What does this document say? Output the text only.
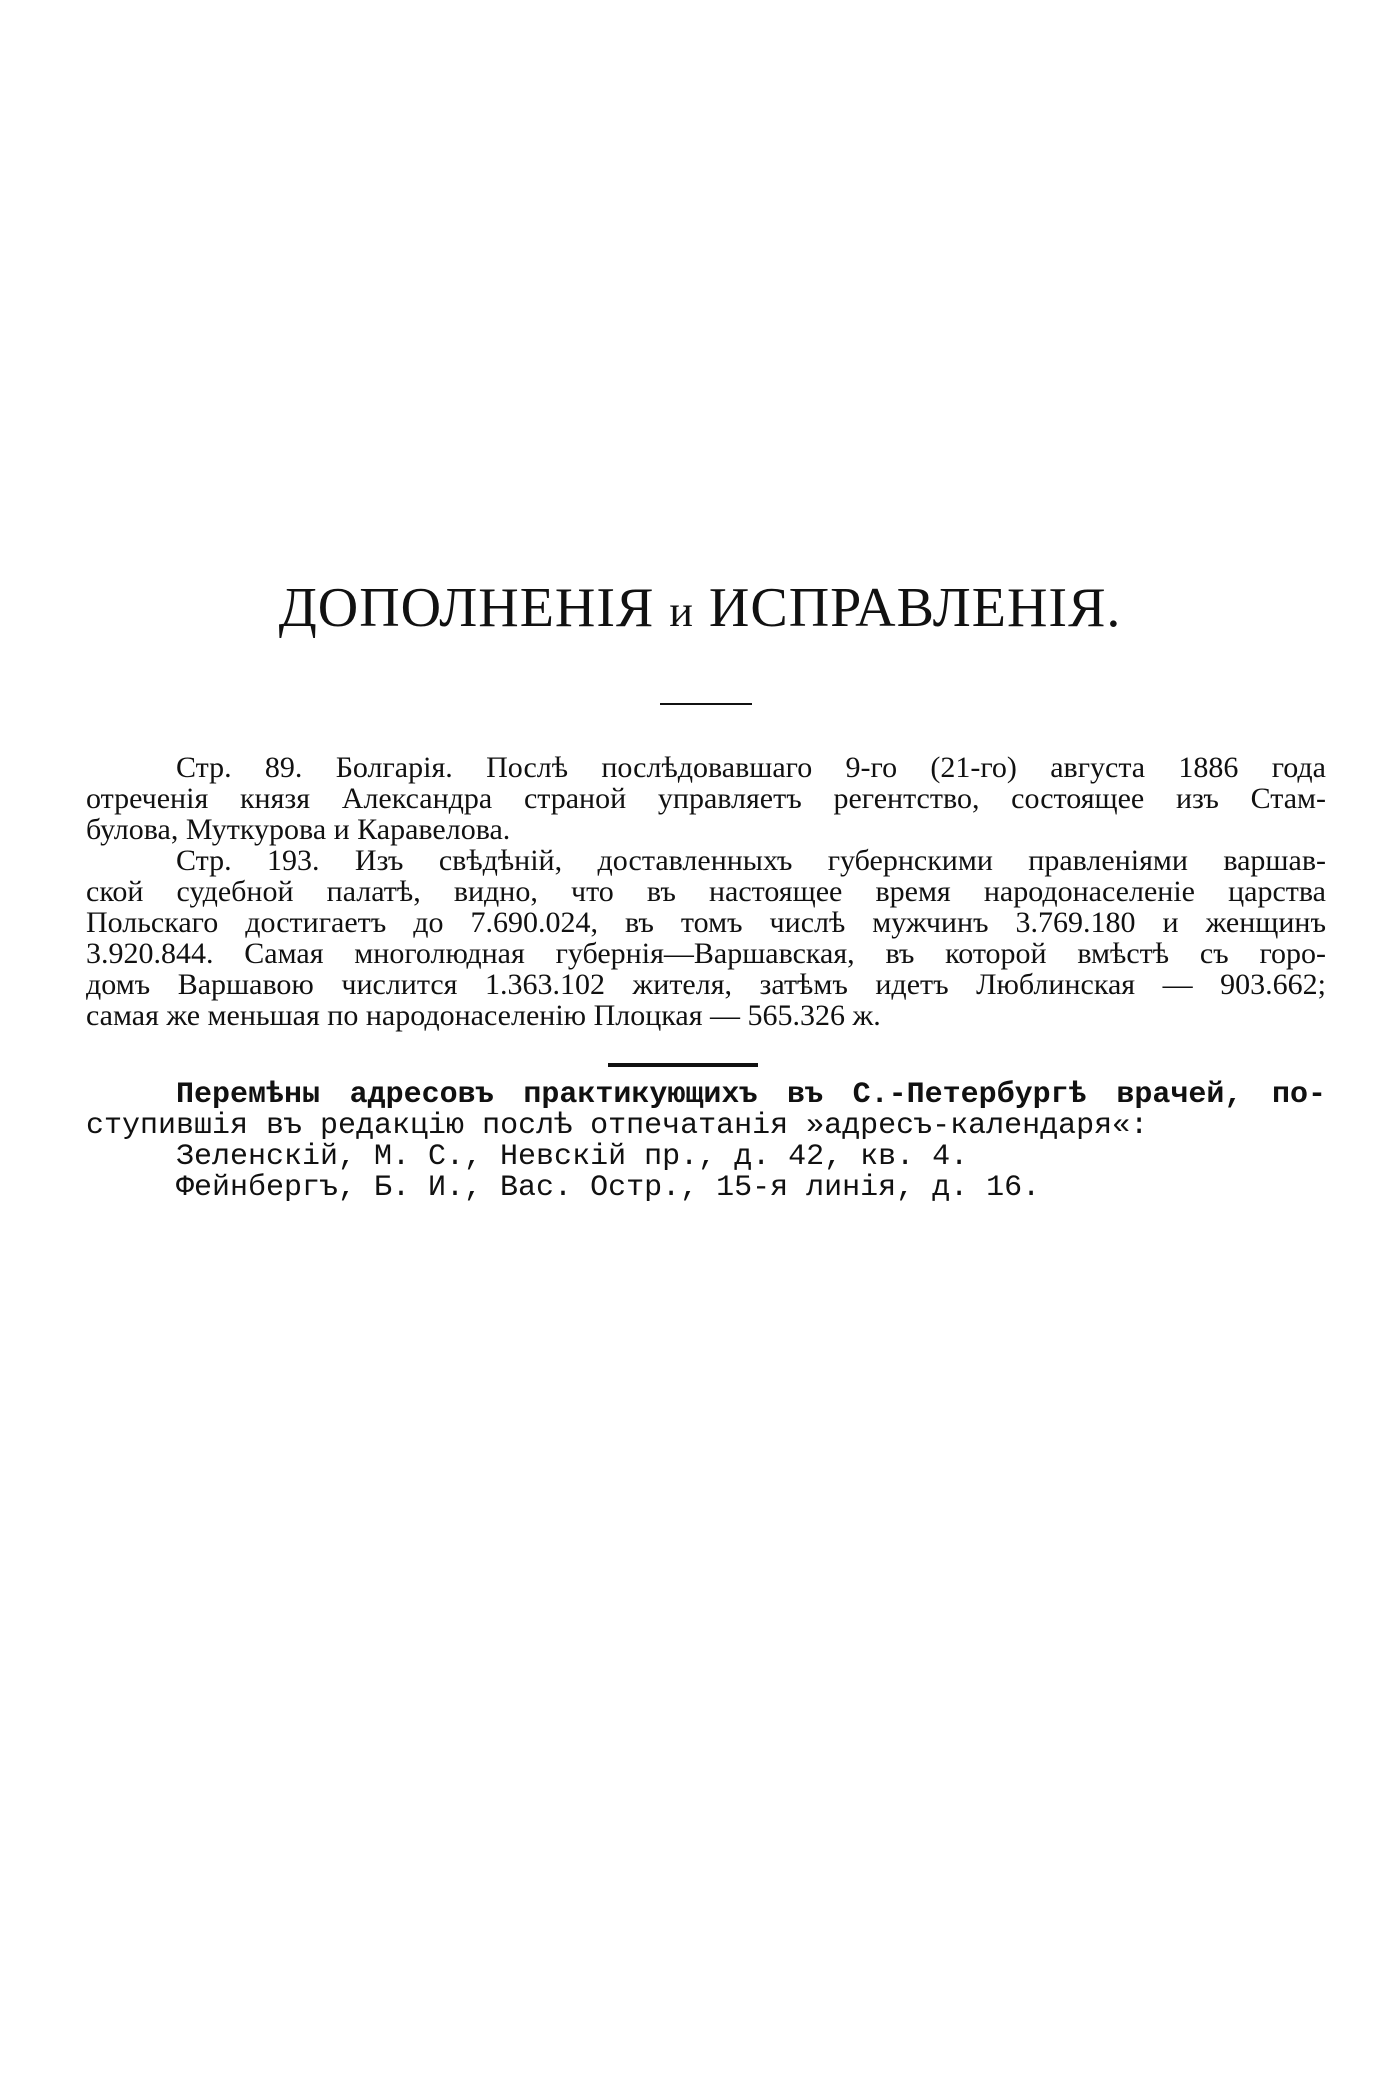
ДОПОЛНЕНІЯ и ИСПРАВЛЕНІЯ.
Стр. 89. Болгарія. Послѣ послѣдовавшаго 9-го (21-го) августа 1886 года
отреченія князя Александра страной управляетъ регентство, состоящее изъ Стам-
булова, Муткурова и Каравелова.
Стр. 193. Изъ свѣдѣній, доставленныхъ губернскими правленіями варшав-
ской судебной палатѣ, видно, что въ настоящее время народонаселеніе царства
Польскаго достигаетъ до 7.690.024, въ томъ числѣ мужчинъ 3.769.180 и женщинъ
3.920.844. Самая многолюдная губернія—Варшавская, въ которой вмѣстѣ съ горо-
домъ Варшавою числится 1.363.102 жителя, затѣмъ идетъ Люблинская — 903.662;
самая же меньшая по народонаселенію Плоцкая — 565.326 ж.
Перемѣны адресовъ практикующихъ въ С.-Петербургѣ врачей, по-
ступившія въ редакцію послѣ отпечатанія »адресъ-календаря«:
Зеленскій, М. С., Невскій пр., д. 42, кв. 4.
Фейнбергъ, Б. И., Вас. Остр., 15-я линія, д. 16.
